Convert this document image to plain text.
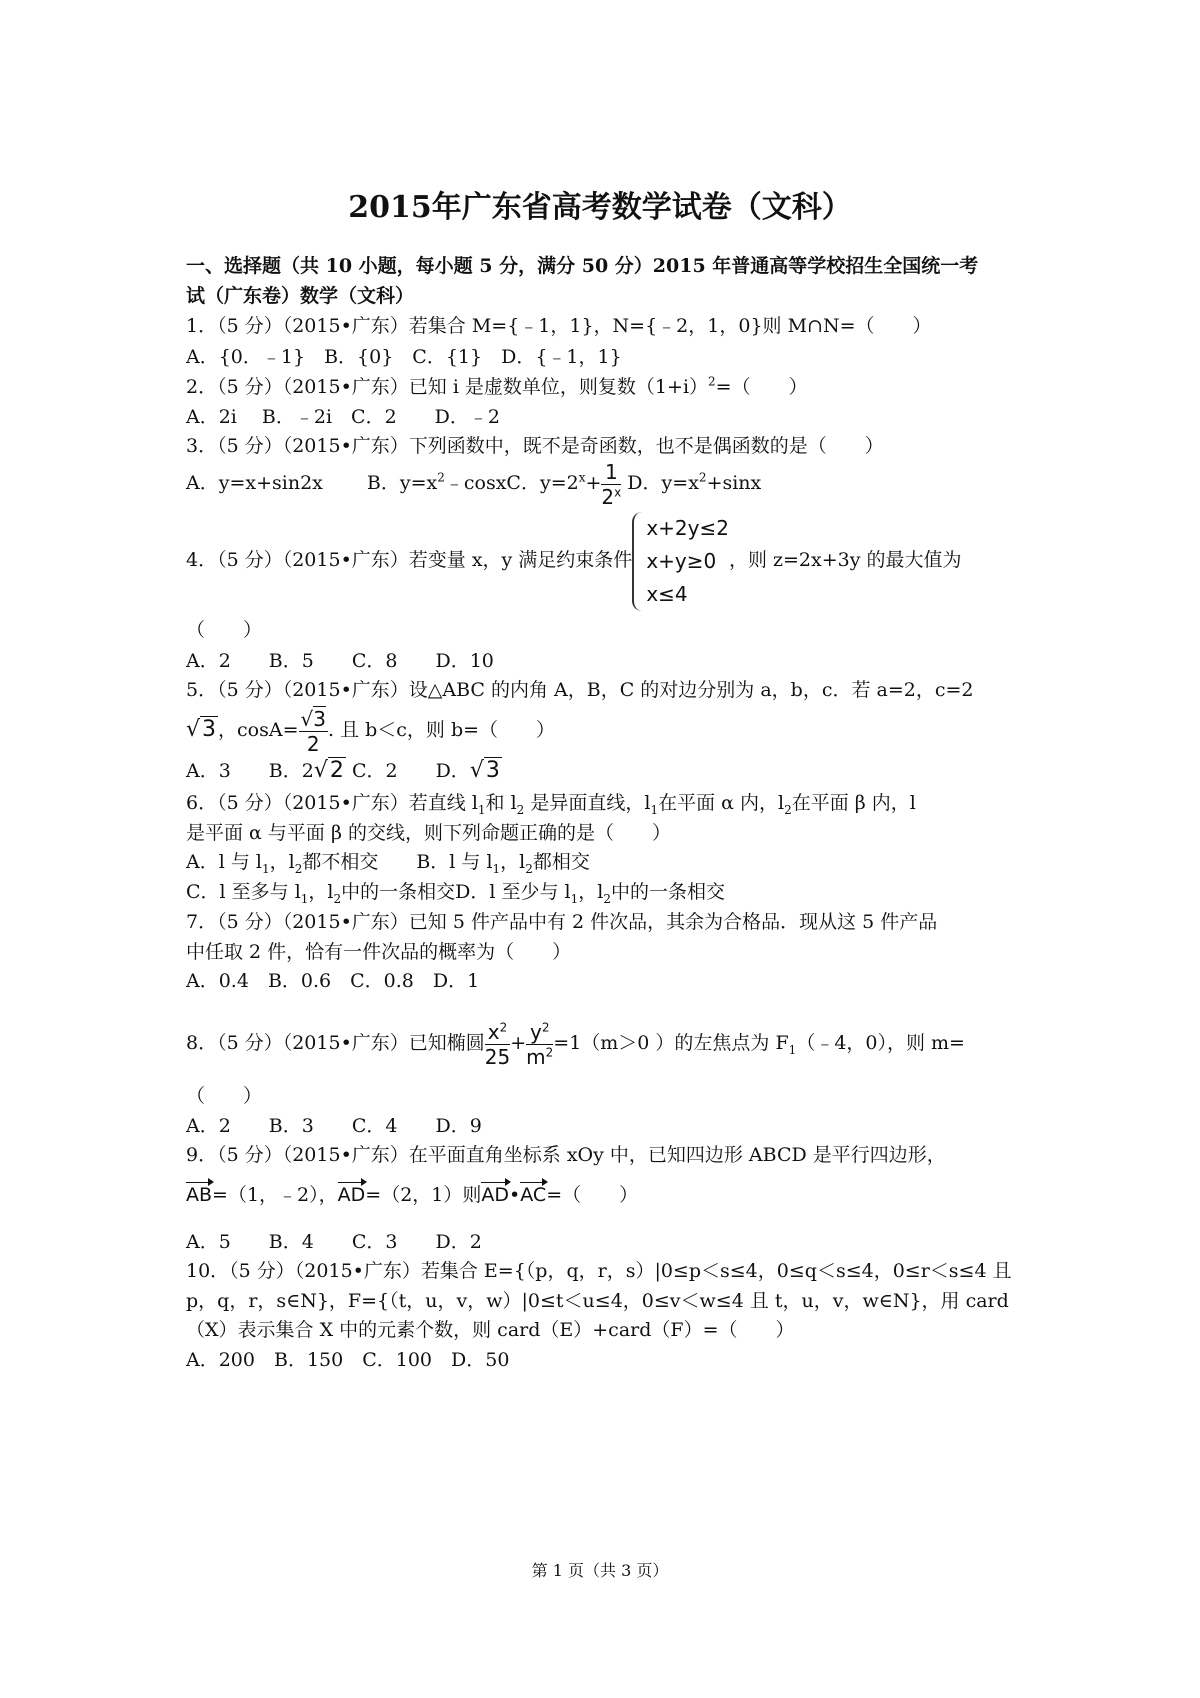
2015年广东省高考数学试卷（文科）
一、选择题（共 10 小题，每小题 5 分，满分 50 分）2015 年普通高等学校招生全国统一考
试（广东卷）数学（文科）
1．（5 分）（2015•广东）若集合 M={﹣1，1}，N={﹣2，1，0}则 M∩N=（　　）
A．{0．﹣1}　B．{0}　C．{1}　D．{﹣1，1}
2．（5 分）（2015•广东）已知 i 是虚数单位，则复数$(1+i)^2=$（　　）
A．2i　 B．﹣2i　C．2　　D．﹣2
3．（5 分）（2015•广东）下列函数中，既不是奇函数，也不是偶函数的是（　　）
A．y=x+sin2x　　 B．$y=x^2﹣cosxC$．$y=2^x+ \frac{1}{2^x}$ D．$y=x^2+\sin x$
4．（5 分）（2015•广东）若变量 x，y 满足约束条件
x+2y≤2
x+y≥0
x≤4
，则 z=2x+3y 的最大值为
（　　）
A．2　　B．5　　C．8　　D．10
5．（5 分）（2015•广东）设△ABC 的内角 A，B，C 的对边分别为 a，b，c．若 a=2，c=2
√3 ，$\cos A= \frac{√3}{2}$ . 且 b＜c，则 b=（　　）
A．3　　B．2√2 C．2　　D．√3
6．（5 分）（2015•广东）若直线 $l_1$和 $l_2$ 是异面直线，$l_1$在平面 α 内，$l_2$在平面 β 内，l
是平面 α 与平面 β 的交线，则下列命题正确的是（　　）
A．l 与 $l_1$，$l_2$都不相交　　B．l 与 $l_1$，$l_2$都相交
C．l 至多与 $l_1$，$l_2$中的一条相交D．l 至少与 $l_1$，$l_2$中的一条相交
7．（5 分）（2015•广东）已知 5 件产品中有 2 件次品，其余为合格品．现从这 5 件产品
中任取 2 件，恰有一件次品的概率为（　　）
A．0.4　B．0.6　C．0.8　D．1
8．（5 分）（2015•广东）已知椭圆 $\frac{x^2}{25} + \frac{y^2}{m^2} =1(m>0$ ）的左焦点为 $F_1(﹣4$，0），则 m=
（　　）
A．2　　B．3　　C．4　　D．9
9．（5 分）（2015•广东）在平面直角坐标系 xOy 中，已知四边形 ABCD 是平行四边形，
AB=（1，﹣2），AD=（2，1）则AD•AC=（　　）
A．5　　B．4　　C．3　　D．2
10．（5 分）（2015•广东）若集合 E={（p，q，r，s）|0≤p＜s≤4，0≤q＜s≤4，0≤r＜s≤4 且
p，q，r，s∈N}，F={（t，u，v，w）|0≤t＜u≤4，0≤v＜w≤4 且 t，u，v，w∈N}，用 card
（X）表示集合 X 中的元素个数，则 card（E）+card（F）=（　　）
A．200　B．150　C．100　D．50
第 1 页（共 3 页）
